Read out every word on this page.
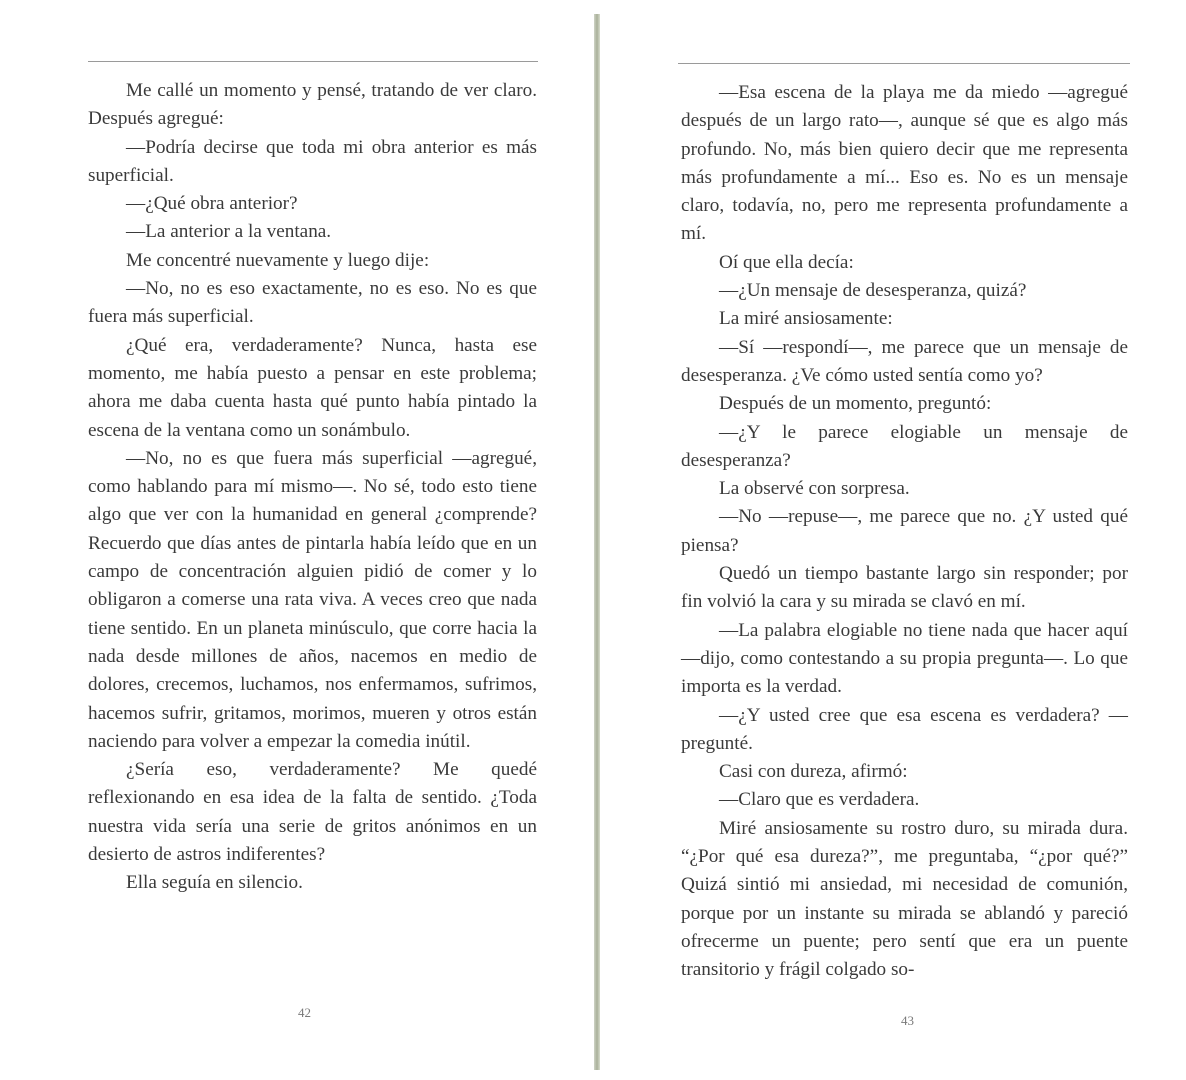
Me callé un momento y pensé, tratando de ver claro. Después agregué:

—Podría decirse que toda mi obra anterior es más superficial.

—¿Qué obra anterior?

—La anterior a la ventana.

Me concentré nuevamente y luego dije:

—No, no es eso exactamente, no es eso. No es que fuera más superficial.

¿Qué era, verdaderamente? Nunca, hasta ese momento, me había puesto a pensar en este problema; ahora me daba cuenta hasta qué punto había pintado la escena de la ventana como un sonámbulo.

—No, no es que fuera más superficial —agregué, como hablando para mí mismo—. No sé, todo esto tiene algo que ver con la humanidad en general ¿comprende? Recuerdo que días antes de pintarla había leído que en un campo de concentración alguien pidió de comer y lo obligaron a comerse una rata viva. A veces creo que nada tiene sentido. En un planeta minúsculo, que corre hacia la nada desde millones de años, nacemos en medio de dolores, crecemos, luchamos, nos enfermamos, sufrimos, hacemos sufrir, gritamos, morimos, mueren y otros están naciendo para volver a empezar la comedia inútil.

¿Sería eso, verdaderamente? Me quedé reflexionando en esa idea de la falta de sentido. ¿Toda nuestra vida sería una serie de gritos anónimos en un desierto de astros indiferentes?

Ella seguía en silencio.

42

—Esa escena de la playa me da miedo —agregué después de un largo rato—, aunque sé que es algo más profundo. No, más bien quiero decir que me representa más profundamente a mí... Eso es. No es un mensaje claro, todavía, no, pero me representa profundamente a mí.

Oí que ella decía:

—¿Un mensaje de desesperanza, quizá?

La miré ansiosamente:

—Sí —respondí—, me parece que un mensaje de desesperanza. ¿Ve cómo usted sentía como yo?

Después de un momento, preguntó:

—¿Y le parece elogiable un mensaje de desesperanza?

La observé con sorpresa.

—No —repuse—, me parece que no. ¿Y usted qué piensa?

Quedó un tiempo bastante largo sin responder; por fin volvió la cara y su mirada se clavó en mí.

—La palabra elogiable no tiene nada que hacer aquí —dijo, como contestando a su propia pregunta—. Lo que importa es la verdad.

—¿Y usted cree que esa escena es verdadera? —pregunté.

Casi con dureza, afirmó:

—Claro que es verdadera.

Miré ansiosamente su rostro duro, su mirada dura. “¿Por qué esa dureza?”, me preguntaba, “¿por qué?” Quizá sintió mi ansiedad, mi necesidad de comunión, porque por un instante su mirada se ablandó y pareció ofrecerme un puente; pero sentí que era un puente transitorio y frágil colgado so-

43
